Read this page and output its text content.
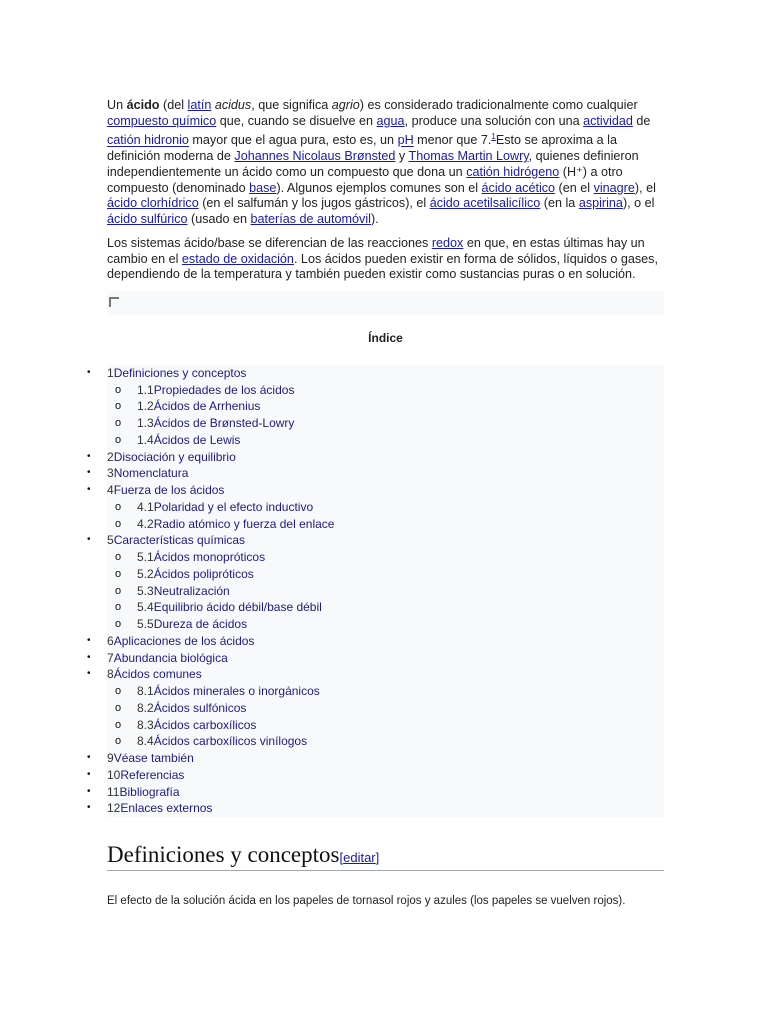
Un ácido (del latín acidus, que significa agrio) es considerado tradicionalmente como cualquier compuesto químico que, cuando se disuelve en agua, produce una solución con una actividad de catión hidronio mayor que el agua pura, esto es, un pH menor que 7.$^1$Esto se aproxima a la definición moderna de Johannes Nicolaus Brønsted y Thomas Martin Lowry, quienes definieron independientemente un ácido como un compuesto que dona un catión hidrógeno (H⁺) a otro compuesto (denominado base). Algunos ejemplos comunes son el ácido acético (en el vinagre), el ácido clorhídrico (en el salfumán y los jugos gástricos), el ácido acetilsalicílico (en la aspirina), o el ácido sulfúrico (usado en baterías de automóvil).

Los sistemas ácido/base se diferencian de las reacciones redox en que, en estas últimas hay un cambio en el estado de oxidación. Los ácidos pueden existir en forma de sólidos, líquidos o gases, dependiendo de la temperatura y también pueden existir como sustancias puras o en solución.

Índice
• 1Definiciones y conceptos
o 1.1Propiedades de los ácidos
o 1.2Ácidos de Arrhenius
o 1.3Ácidos de Brønsted-Lowry
o 1.4Ácidos de Lewis
• 2Disociación y equilibrio
• 3Nomenclatura
• 4Fuerza de los ácidos
o 4.1Polaridad y el efecto inductivo
o 4.2Radio atómico y fuerza del enlace
• 5Características químicas
o 5.1Ácidos monopróticos
o 5.2Ácidos polipróticos
o 5.3Neutralización
o 5.4Equilibrio ácido débil/base débil
o 5.5Dureza de ácidos
• 6Aplicaciones de los ácidos
• 7Abundancia biológica
• 8Ácidos comunes
o 8.1Ácidos minerales o inorgánicos
o 8.2Ácidos sulfónicos
o 8.3Ácidos carboxílicos
o 8.4Ácidos carboxílicos vinílogos
• 9Véase también
• 10Referencias
• 11Bibliografía
• 12Enlaces externos
Definiciones y conceptos[editar]
El efecto de la solución ácida en los papeles de tornasol rojos y azules (los papeles se vuelven rojos).
